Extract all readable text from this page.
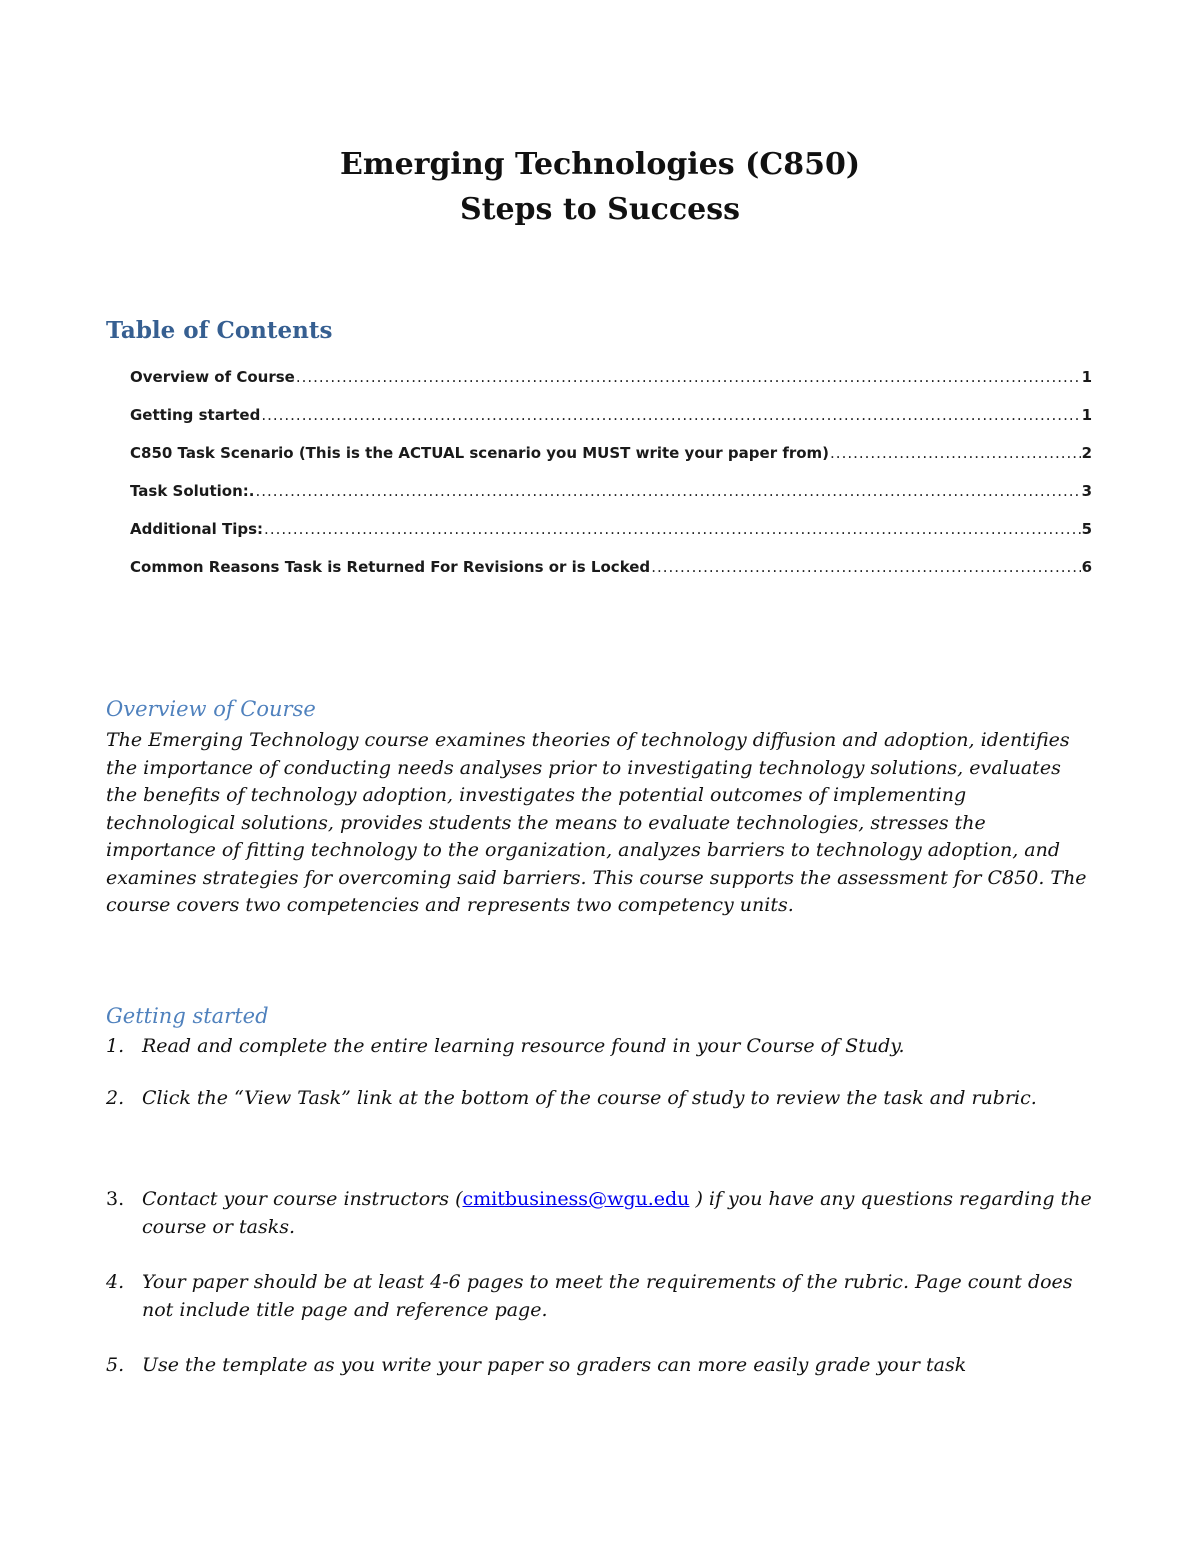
Emerging Technologies (C850)
Steps to Success
Table of Contents
Overview of Course .....	1
Getting started .....	1
C850 Task Scenario (This is the ACTUAL scenario you MUST write your paper from) .....	2
Task Solution:. .....	3
Additional Tips: .....	5
Common Reasons Task is Returned For Revisions or is Locked .....	6
Overview of Course

The Emerging Technology course examines theories of technology diffusion and adoption, identifies the importance of conducting needs analyses prior to investigating technology solutions, evaluates the benefits of technology adoption, investigates the potential outcomes of implementing technological solutions, provides students the means to evaluate technologies, stresses the importance of fitting technology to the organization, analyzes barriers to technology adoption, and examines strategies for overcoming said barriers. This course supports the assessment for C850. The course covers two competencies and represents two competency units.

Getting started
1. Read and complete the entire learning resource found in your Course of Study.
2. Click the “View Task” link at the bottom of the course of study to review the task and rubric.
3. Contact your course instructors (cmitbusiness@wgu.edu ) if you have any questions regarding the course or tasks.
4. Your paper should be at least 4-6 pages to meet the requirements of the rubric. Page count does not include title page and reference page.
5. Use the template as you write your paper so graders can more easily grade your task
